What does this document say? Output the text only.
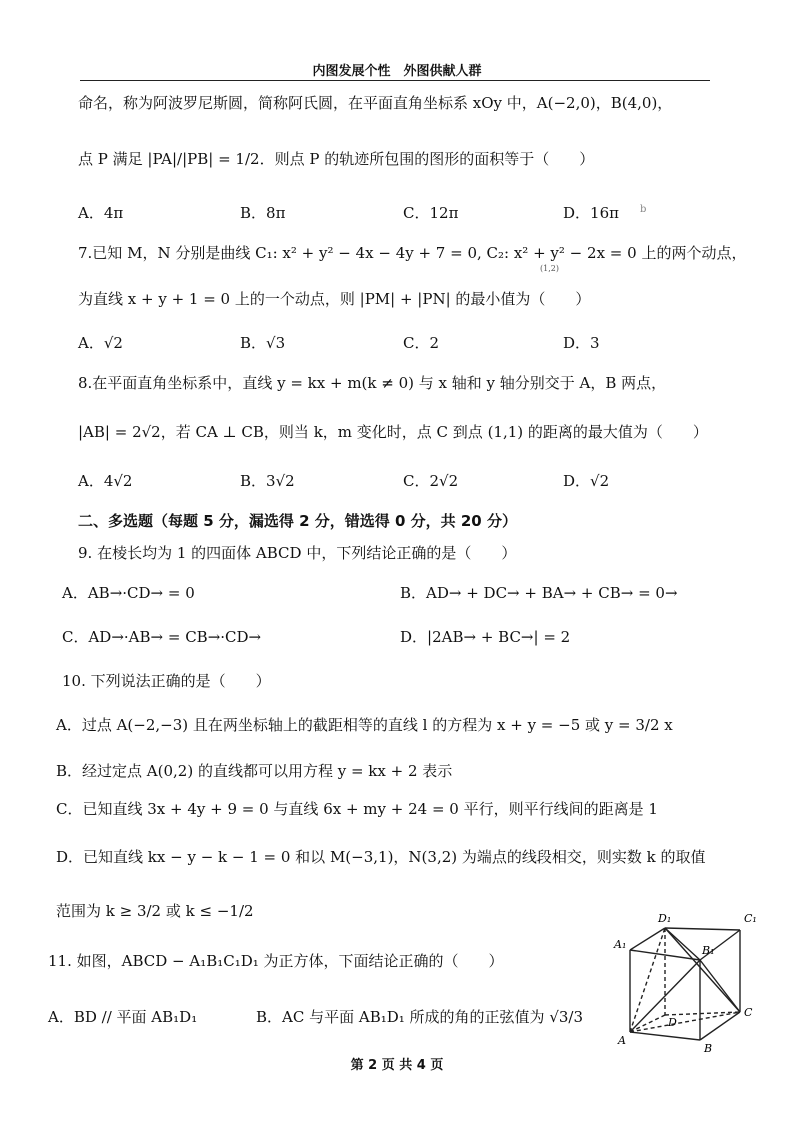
内图发展个性　外图供献人群
命名，称为阿波罗尼斯圆，简称阿氏圆，在平面直角坐标系 xOy 中，A(−2,0)，B(4,0)，
点 P 满足 |PA|/|PB| = 1/2．则点 P 的轨迹所包围的图形的面积等于（　　）
A．4π	B．8π	C．12π	D．16π b
7.已知 M，N 分别是曲线 C₁: x² + y² − 4x − 4y + 7 = 0, C₂: x² + y² − 2x = 0 上的两个动点，
(1,2)
为直线 x + y + 1 = 0 上的一个动点，则 |PM| + |PN| 的最小值为（　　）
A．√2	B．√3	C．2	D．3
8.在平面直角坐标系中，直线 y = kx + m(k ≠ 0) 与 x 轴和 y 轴分别交于 A，B 两点，
|AB| = 2√2，若 CA ⊥ CB，则当 k，m 变化时，点 C 到点 (1,1) 的距离的最大值为（　　）
A．4√2	B．3√2	C．2√2	D．√2
二、多选题（每题 5 分，漏选得 2 分，错选得 0 分，共 20 分）
9. 在棱长均为 1 的四面体 ABCD 中，下列结论正确的是（　　）
A．AB→·CD→ = 0	B．AD→ + DC→ + BA→ + CB→ = 0→
C．AD→·AB→ = CB→·CD→	D．|2AB→ + BC→| = 2
10. 下列说法正确的是（　　）
A．过点 A(−2,−3) 且在两坐标轴上的截距相等的直线 l 的方程为 x + y = −5 或 y = 3/2 x
B．经过定点 A(0,2) 的直线都可以用方程 y = kx + 2 表示
C．已知直线 3x + 4y + 9 = 0 与直线 6x + my + 24 = 0 平行，则平行线间的距离是 1
D．已知直线 kx − y − k − 1 = 0 和以 M(−3,1)，N(3,2) 为端点的线段相交，则实数 k 的取值
范围为 k ≥ 3/2 或 k ≤ −1/2
11. 如图，ABCD − A₁B₁C₁D₁ 为正方体，下面结论正确的（　　）
A．BD // 平面 AB₁D₁	B．AC 与平面 AB₁D₁ 所成的角的正弦值为 √3/3
D₁	C₁
A₁	B₁
D
C
A
B
第 2 页 共 4 页
